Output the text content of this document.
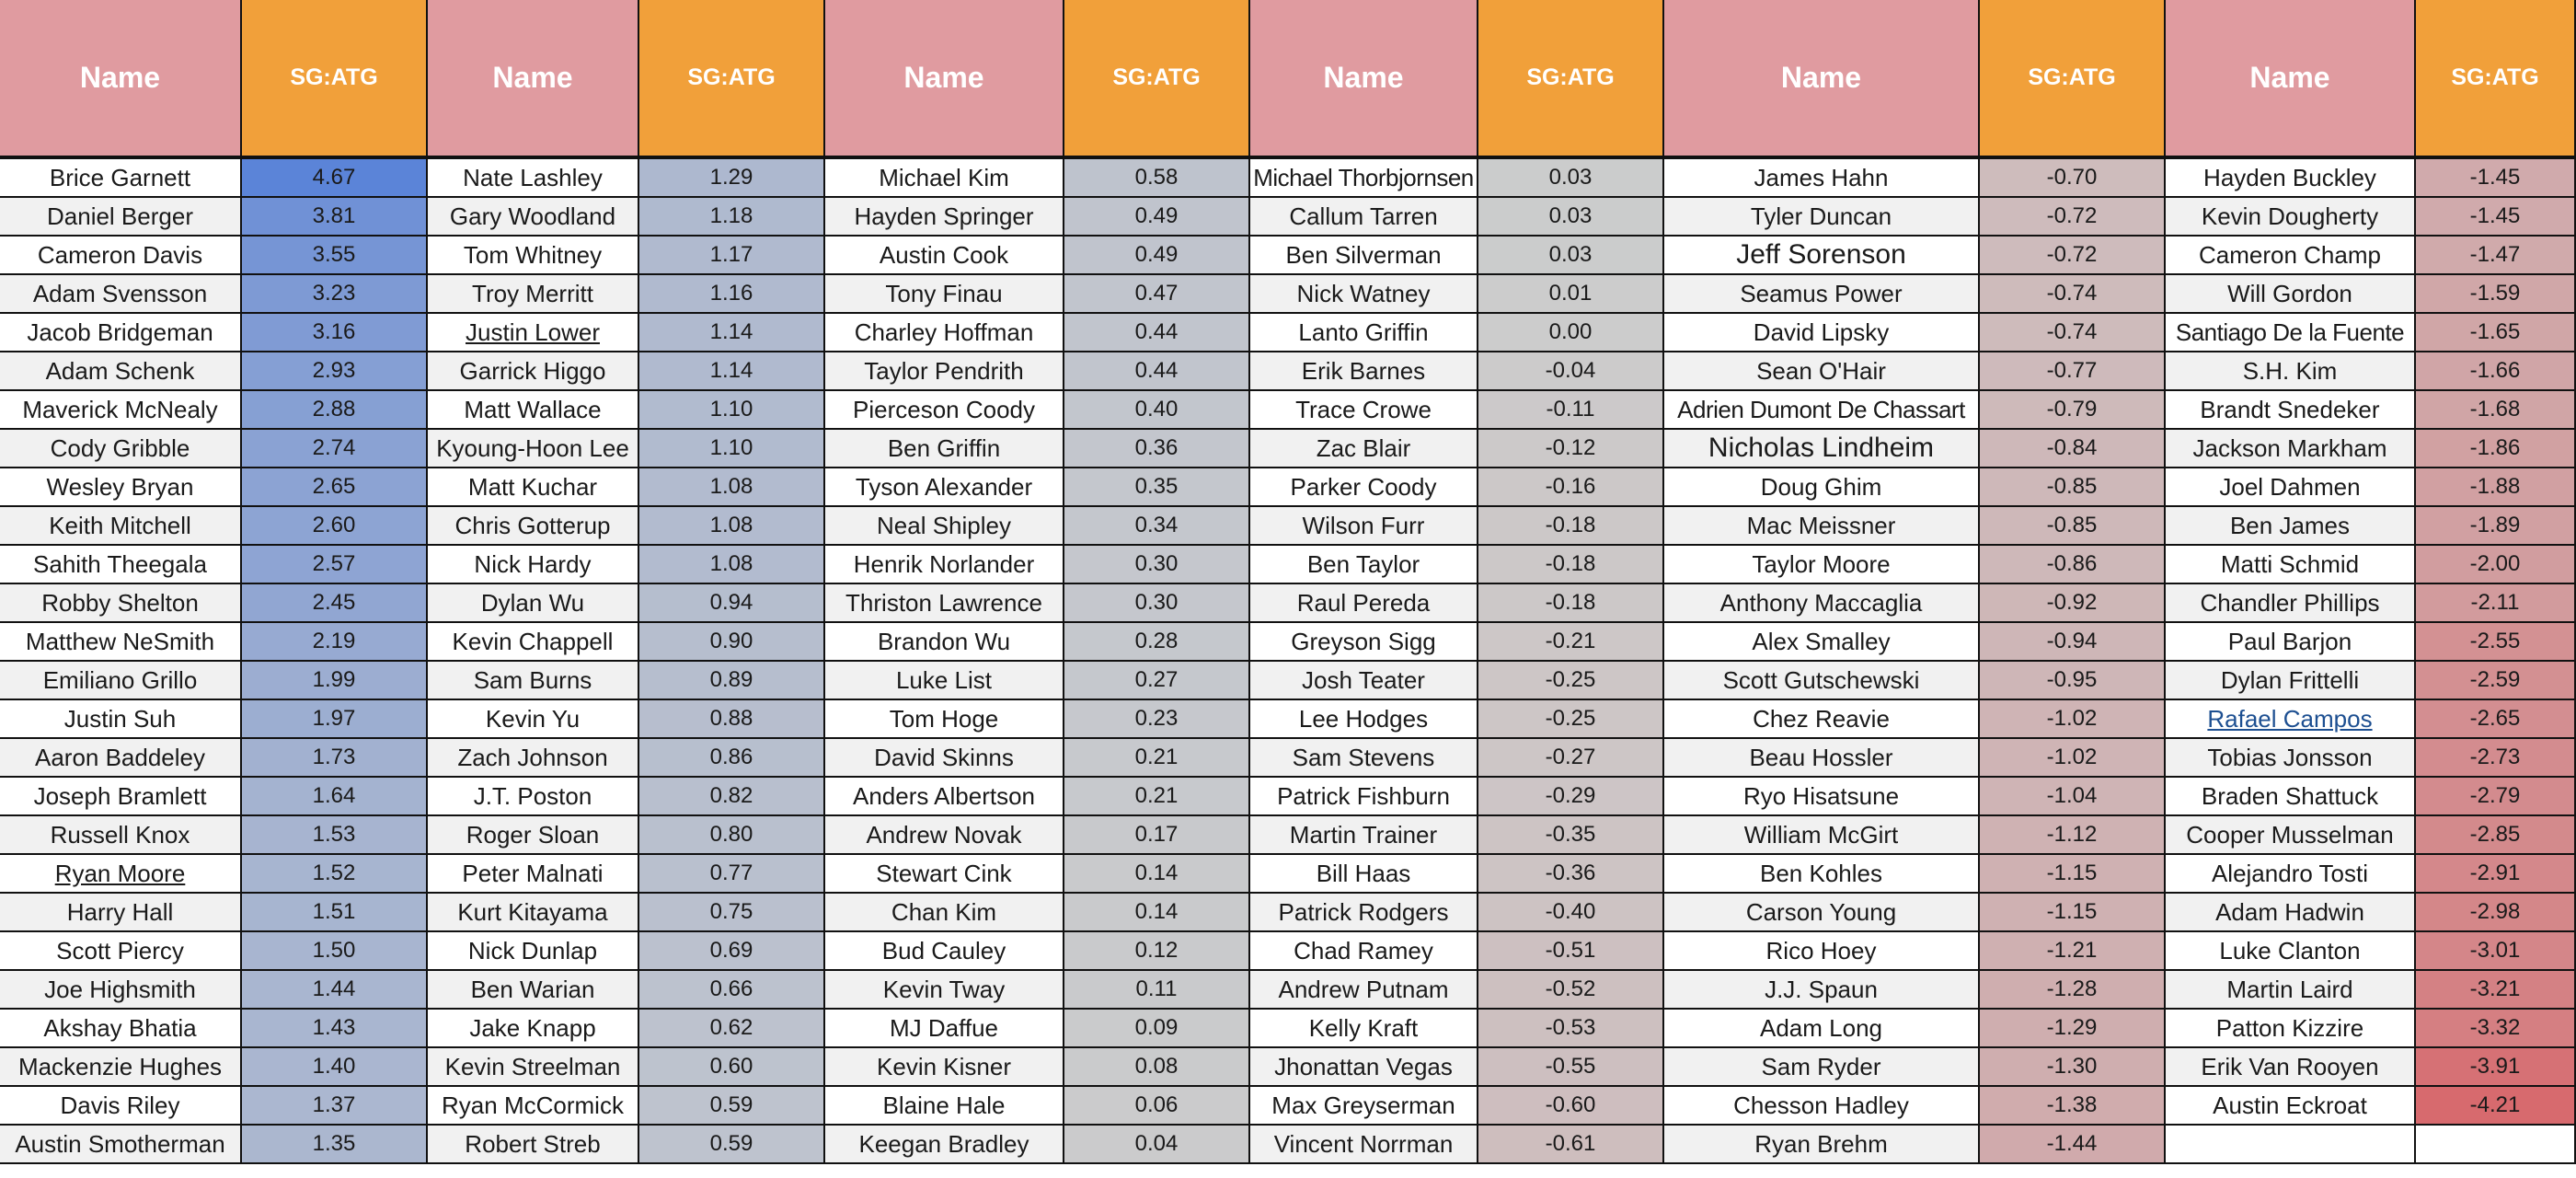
Name	SG:ATG	Name	SG:ATG	Name	SG:ATG	Name	SG:ATG	Name	SG:ATG	Name	SG:ATG
Brice Garnett	4.67	Nate Lashley	1.29	Michael Kim	0.58	Michael Thorbjornsen	0.03	James Hahn	-0.70	Hayden Buckley	-1.45
Daniel Berger	3.81	Gary Woodland	1.18	Hayden Springer	0.49	Callum Tarren	0.03	Tyler Duncan	-0.72	Kevin Dougherty	-1.45
Cameron Davis	3.55	Tom Whitney	1.17	Austin Cook	0.49	Ben Silverman	0.03	Jeff Sorenson	-0.72	Cameron Champ	-1.47
Adam Svensson	3.23	Troy Merritt	1.16	Tony Finau	0.47	Nick Watney	0.01	Seamus Power	-0.74	Will Gordon	-1.59
Jacob Bridgeman	3.16	Justin Lower	1.14	Charley Hoffman	0.44	Lanto Griffin	0.00	David Lipsky	-0.74	Santiago De la Fuente	-1.65
Adam Schenk	2.93	Garrick Higgo	1.14	Taylor Pendrith	0.44	Erik Barnes	-0.04	Sean O'Hair	-0.77	S.H. Kim	-1.66
Maverick McNealy	2.88	Matt Wallace	1.10	Pierceson Coody	0.40	Trace Crowe	-0.11	Adrien Dumont De Chassart	-0.79	Brandt Snedeker	-1.68
Cody Gribble	2.74	Kyoung-Hoon Lee	1.10	Ben Griffin	0.36	Zac Blair	-0.12	Nicholas Lindheim	-0.84	Jackson Markham	-1.86
Wesley Bryan	2.65	Matt Kuchar	1.08	Tyson Alexander	0.35	Parker Coody	-0.16	Doug Ghim	-0.85	Joel Dahmen	-1.88
Keith Mitchell	2.60	Chris Gotterup	1.08	Neal Shipley	0.34	Wilson Furr	-0.18	Mac Meissner	-0.85	Ben James	-1.89
Sahith Theegala	2.57	Nick Hardy	1.08	Henrik Norlander	0.30	Ben Taylor	-0.18	Taylor Moore	-0.86	Matti Schmid	-2.00
Robby Shelton	2.45	Dylan Wu	0.94	Thriston Lawrence	0.30	Raul Pereda	-0.18	Anthony Maccaglia	-0.92	Chandler Phillips	-2.11
Matthew NeSmith	2.19	Kevin Chappell	0.90	Brandon Wu	0.28	Greyson Sigg	-0.21	Alex Smalley	-0.94	Paul Barjon	-2.55
Emiliano Grillo	1.99	Sam Burns	0.89	Luke List	0.27	Josh Teater	-0.25	Scott Gutschewski	-0.95	Dylan Frittelli	-2.59
Justin Suh	1.97	Kevin Yu	0.88	Tom Hoge	0.23	Lee Hodges	-0.25	Chez Reavie	-1.02	Rafael Campos	-2.65
Aaron Baddeley	1.73	Zach Johnson	0.86	David Skinns	0.21	Sam Stevens	-0.27	Beau Hossler	-1.02	Tobias Jonsson	-2.73
Joseph Bramlett	1.64	J.T. Poston	0.82	Anders Albertson	0.21	Patrick Fishburn	-0.29	Ryo Hisatsune	-1.04	Braden Shattuck	-2.79
Russell Knox	1.53	Roger Sloan	0.80	Andrew Novak	0.17	Martin Trainer	-0.35	William McGirt	-1.12	Cooper Musselman	-2.85
Ryan Moore	1.52	Peter Malnati	0.77	Stewart Cink	0.14	Bill Haas	-0.36	Ben Kohles	-1.15	Alejandro Tosti	-2.91
Harry Hall	1.51	Kurt Kitayama	0.75	Chan Kim	0.14	Patrick Rodgers	-0.40	Carson Young	-1.15	Adam Hadwin	-2.98
Scott Piercy	1.50	Nick Dunlap	0.69	Bud Cauley	0.12	Chad Ramey	-0.51	Rico Hoey	-1.21	Luke Clanton	-3.01
Joe Highsmith	1.44	Ben Warian	0.66	Kevin Tway	0.11	Andrew Putnam	-0.52	J.J. Spaun	-1.28	Martin Laird	-3.21
Akshay Bhatia	1.43	Jake Knapp	0.62	MJ Daffue	0.09	Kelly Kraft	-0.53	Adam Long	-1.29	Patton Kizzire	-3.32
Mackenzie Hughes	1.40	Kevin Streelman	0.60	Kevin Kisner	0.08	Jhonattan Vegas	-0.55	Sam Ryder	-1.30	Erik Van Rooyen	-3.91
Davis Riley	1.37	Ryan McCormick	0.59	Blaine Hale	0.06	Max Greyserman	-0.60	Chesson Hadley	-1.38	Austin Eckroat	-4.21
Austin Smotherman	1.35	Robert Streb	0.59	Keegan Bradley	0.04	Vincent Norrman	-0.61	Ryan Brehm	-1.44
